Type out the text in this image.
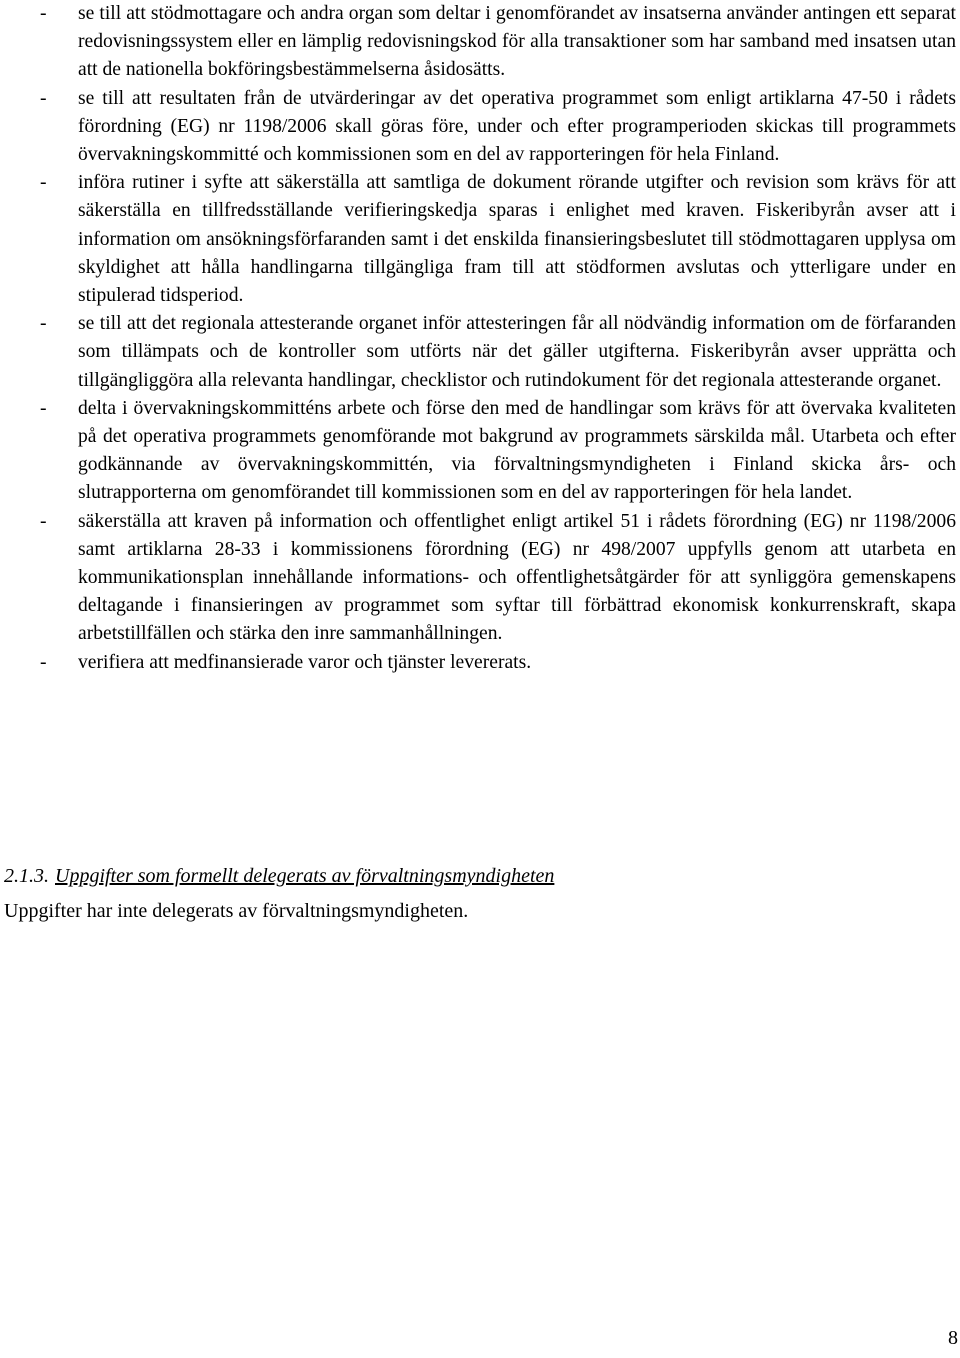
- se till att stödmottagare och andra organ som deltar i genomförandet av insatserna använder antingen ett separat redovisningssystem eller en lämplig redovisningskod för alla transaktioner som har samband med insatsen utan att de nationella bokföringsbestämmelserna åsidosätts.
- se till att resultaten från de utvärderingar av det operativa programmet som enligt artiklarna 47-50 i rådets förordning (EG) nr 1198/2006 skall göras före, under och efter programperioden skickas till programmets övervakningskommitté och kommissionen som en del av rapporteringen för hela Finland.
- införa rutiner i syfte att säkerställa att samtliga de dokument rörande utgifter och revision som krävs för att säkerställa en tillfredsställande verifieringskedja sparas i enlighet med kraven. Fiskeribyrån avser att i information om ansökningsförfaranden samt i det enskilda finansieringsbeslutet till stödmottagaren upplysa om skyldighet att hålla handlingarna tillgängliga fram till att stödformen avslutas och ytterligare under en stipulerad tidsperiod.
- se till att det regionala attesterande organet inför attesteringen får all nödvändig information om de förfaranden som tillämpats och de kontroller som utförts när det gäller utgifterna. Fiskeribyrån avser upprätta och tillgängliggöra alla relevanta handlingar, checklistor och rutindokument för det regionala attesterande organet.
- delta i övervakningskommitténs arbete och förse den med de handlingar som krävs för att övervaka kvaliteten på det operativa programmets genomförande mot bakgrund av programmets särskilda mål. Utarbeta och efter godkännande av övervakningskommittén, via förvaltningsmyndigheten i Finland skicka års- och slutrapporterna om genomförandet till kommissionen som en del av rapporteringen för hela landet.
- säkerställa att kraven på information och offentlighet enligt artikel 51 i rådets förordning (EG) nr 1198/2006 samt artiklarna 28-33 i kommissionens förordning (EG) nr 498/2007 uppfylls genom att utarbeta en kommunikationsplan innehållande informations- och offentlighetsåtgärder för att synliggöra gemenskapens deltagande i finansieringen av programmet som syftar till förbättrad ekonomisk konkurrenskraft, skapa arbetstillfällen och stärka den inre sammanhållningen.
- verifiera att medfinansierade varor och tjänster levererats.
2.1.3. Uppgifter som formellt delegerats av förvaltningsmyndigheten
Uppgifter har inte delegerats av förvaltningsmyndigheten.
8
